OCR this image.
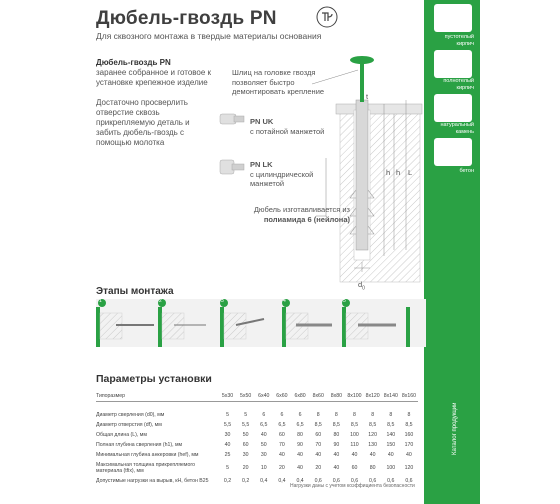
Дюбель-гвоздь PN
Для сквозного монтажа в твердые материалы основания
Дюбель-гвоздь PN
заранее собранное и готовое к установке крепежное изделие
Достаточно просверлить отверстие сквозь прикрепляемую деталь и забить дюбель-гвоздь с помощью молотка
Шлиц на головке гвоздя позволяет быстро демонтировать крепление
PN UK
с потайной манжетой
PN LK
с цилиндрической манжетой
Дюбель изготавливается из полиамида 6 (нейлона)
t
h h L
$d_0$
пустотелый кирпич
полнотелый кирпич
натуральный камень
бетон
Каталог продукции
Этапы монтажа
1	2	3	4	5
Параметры установки
Типоразмер	5x30	5x50	6x40	6x60	6x80	8x60	8x80	8x100	8x120	8x140	8x160

Диаметр сверления (d0), мм	5	5	6	6	6	8	8	8	8	8	8
Диаметр отверстия (df), мм	5,5	5,5	6,5	6,5	6,5	8,5	8,5	8,5	8,5	8,5	8,5
Общая длина (L), мм	30	50	40	60	80	60	80	100	120	140	160
Полная глубина сверления (h1), мм	40	60	50	70	90	70	90	110	130	150	170
Минимальная глубина анкеровки (hef), мм	25	30	30	40	40	40	40	40	40	40	40
Максимальная толщина прикрепляемого материала (tfix), мм	5	20	10	20	40	20	40	60	80	100	120
Допустимые нагрузки на вырыв, кН, бетон B25	0,2	0,2	0,4	0,4	0,4	0,6	0,6	0,6	0,6	0,6	0,6
Нагрузки даны с учетом коэффициента безопасности
